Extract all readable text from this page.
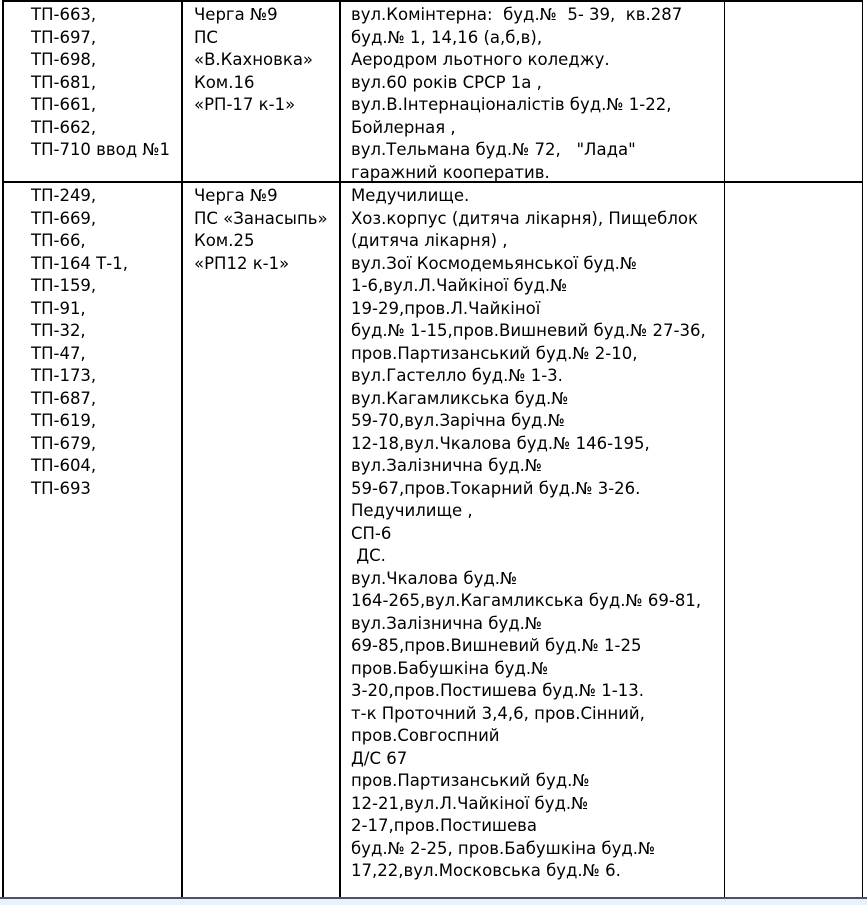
ТП-663,
ТП-697,
ТП-698,
ТП-681,
ТП-661,
ТП-662,
ТП-710 ввод №1
Черга №9
ПС
«В.Кахновка»
Ком.16
«РП-17 к-1»
вул.Комінтерна:  буд.№  5- 39,  кв.287
буд.№ 1, 14,16 (а,б,в),
Аеродром льотного коледжу.
вул.60 років СРСР 1а ,
вул.В.Інтернаціоналістів буд.№ 1-22,
Бойлерная ,
вул.Тельмана буд.№ 72,   "Лада"
гаражний кооператив.
ТП-249,
ТП-669,
ТП-66,
ТП-164 Т-1,
ТП-159,
ТП-91,
ТП-32,
ТП-47,
ТП-173,
ТП-687,
ТП-619,
ТП-679,
ТП-604,
ТП-693
Черга №9
ПС «Занасыпь»
Ком.25
«РП12 к-1»
Медучилище.
Хоз.корпус (дитяча лікарня), Пищеблок
(дитяча лікарня) ,
вул.Зої Космодемьянської буд.№
1-6,вул.Л.Чайкіної буд.№
19-29,пров.Л.Чайкіної
буд.№ 1-15,пров.Вишневий буд.№ 27-36,
пров.Партизанський буд.№ 2-10,
вул.Гастелло буд.№ 1-3.
вул.Кагамликська буд.№
59-70,вул.Зарічна буд.№
12-18,вул.Чкалова буд.№ 146-195,
вул.Залізнична буд.№
59-67,пров.Токарний буд.№ 3-26.
Педучилище ,
СП-6
ДС.
вул.Чкалова буд.№
164-265,вул.Кагамликська буд.№ 69-81,
вул.Залізнична буд.№
69-85,пров.Вишневий буд.№ 1-25
пров.Бабушкіна буд.№
3-20,пров.Постишева буд.№ 1-13.
т-к Проточний 3,4,6, пров.Сінний,
пров.Совгоспний
Д/С 67
пров.Партизанський буд.№
12-21,вул.Л.Чайкіної буд.№
2-17,пров.Постишева
буд.№ 2-25, пров.Бабушкіна буд.№
17,22,вул.Московська буд.№ 6.
